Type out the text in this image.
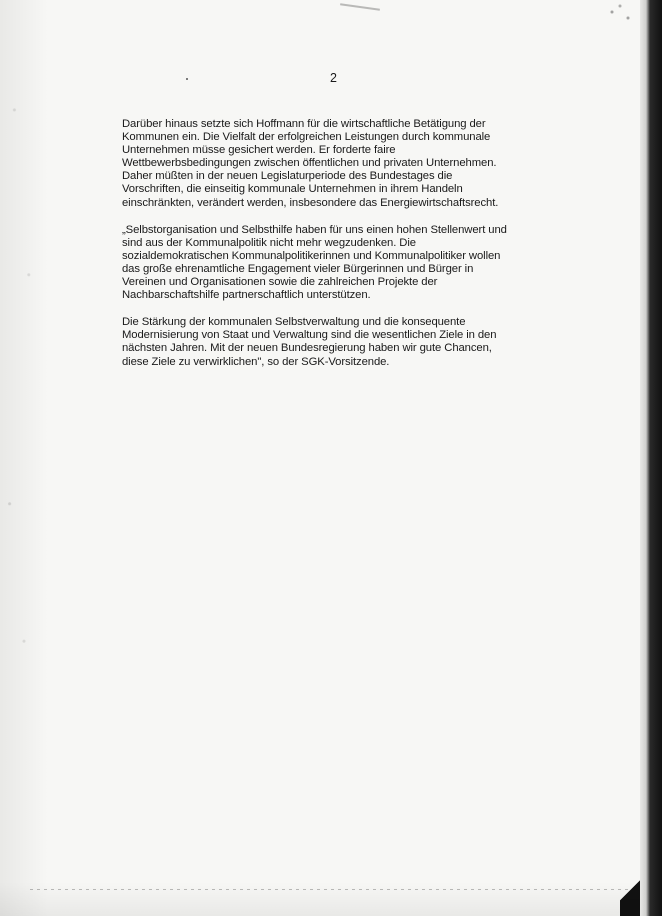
2

Darüber hinaus setzte sich Hoffmann für die wirtschaftliche Betätigung der
Kommunen ein. Die Vielfalt der erfolgreichen Leistungen durch kommunale
Unternehmen müsse gesichert werden. Er forderte faire
Wettbewerbsbedingungen zwischen öffentlichen und privaten Unternehmen.
Daher müßten in der neuen Legislaturperiode des Bundestages die
Vorschriften, die einseitig kommunale Unternehmen in ihrem Handeln
einschränkten, verändert werden, insbesondere das Energiewirtschaftsrecht.

„Selbstorganisation und Selbsthilfe haben für uns einen hohen Stellenwert und
sind aus der Kommunalpolitik nicht mehr wegzudenken. Die
sozialdemokratischen Kommunalpolitikerinnen und Kommunalpolitiker wollen
das große ehrenamtliche Engagement vieler Bürgerinnen und Bürger in
Vereinen und Organisationen sowie die zahlreichen Projekte der
Nachbarschaftshilfe partnerschaftlich unterstützen.

Die Stärkung der kommunalen Selbstverwaltung und die konsequente
Modernisierung von Staat und Verwaltung sind die wesentlichen Ziele in den
nächsten Jahren. Mit der neuen Bundesregierung haben wir gute Chancen,
diese Ziele zu verwirklichen", so der SGK-Vorsitzende.
